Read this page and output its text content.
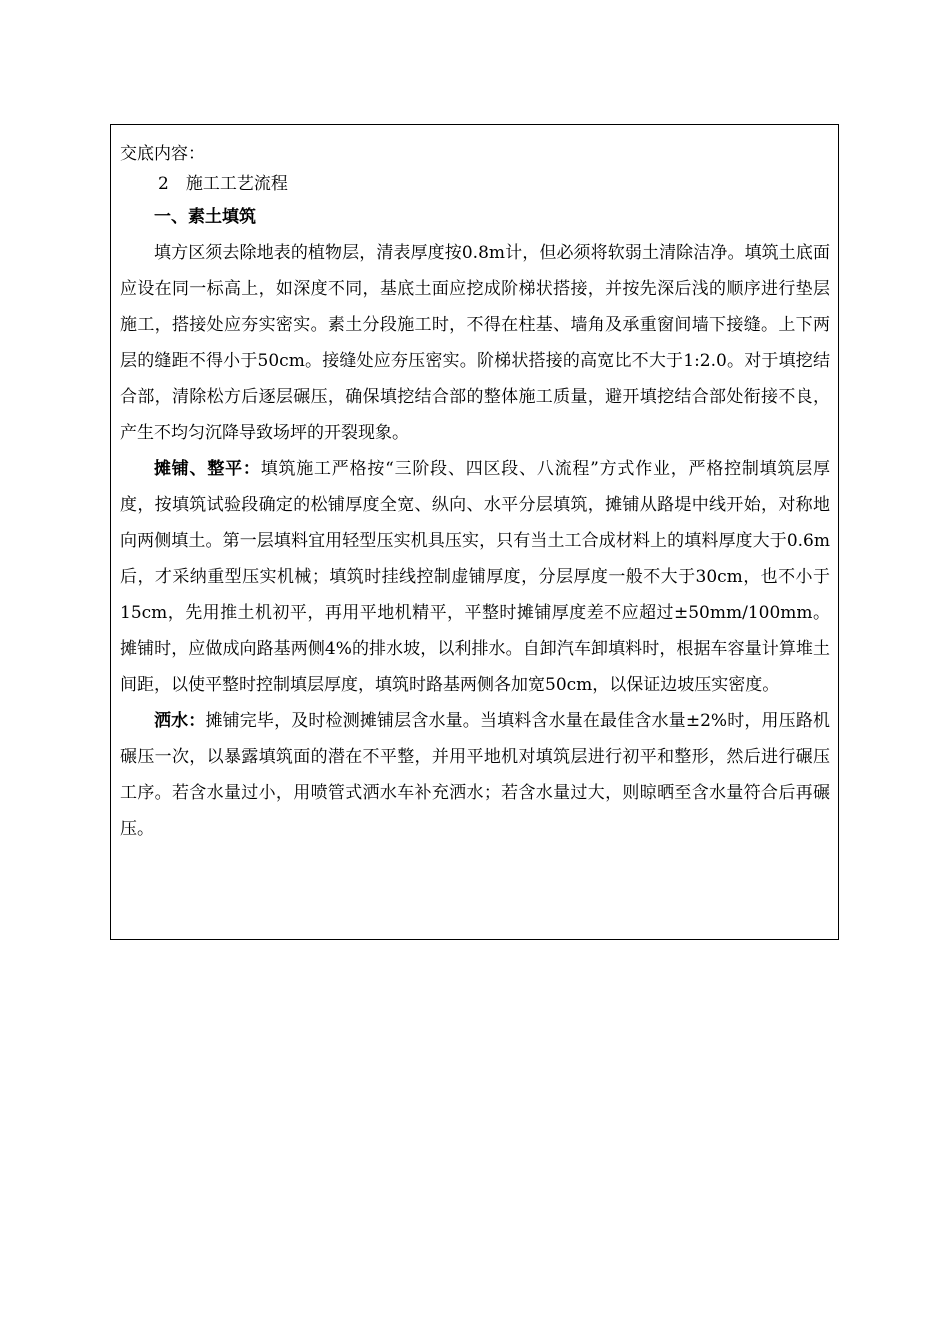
交底内容：

2　施工工艺流程

一、素土填筑

填方区须去除地表的植物层，清表厚度按0.8m计，但必须将软弱土清除洁净。填筑土底面应设在同一标高上，如深度不同，基底土面应挖成阶梯状搭接，并按先深后浅的顺序进行垫层施工，搭接处应夯实密实。素土分段施工时，不得在柱基、墙角及承重窗间墙下接缝。上下两层的缝距不得小于50cm。接缝处应夯压密实。阶梯状搭接的高宽比不大于1:2.0。对于填挖结合部，清除松方后逐层碾压，确保填挖结合部的整体施工质量，避开填挖结合部处衔接不良，产生不均匀沉降导致场坪的开裂现象。

摊铺、整平：填筑施工严格按“三阶段、四区段、八流程”方式作业，严格控制填筑层厚度，按填筑试验段确定的松铺厚度全宽、纵向、水平分层填筑，摊铺从路堤中线开始，对称地向两侧填土。第一层填料宜用轻型压实机具压实，只有当土工合成材料上的填料厚度大于0.6m后，才采纳重型压实机械；填筑时挂线控制虚铺厚度，分层厚度一般不大于30cm，也不小于15cm，先用推土机初平，再用平地机精平，平整时摊铺厚度差不应超过±50mm/100mm。摊铺时，应做成向路基两侧4%的排水坡，以利排水。自卸汽车卸填料时，根据车容量计算堆土间距，以使平整时控制填层厚度，填筑时路基两侧各加宽50cm，以保证边坡压实密度。

洒水：摊铺完毕，及时检测摊铺层含水量。当填料含水量在最佳含水量±2%时，用压路机碾压一次，以暴露填筑面的潜在不平整，并用平地机对填筑层进行初平和整形，然后进行碾压工序。若含水量过小，用喷管式洒水车补充洒水；若含水量过大，则晾晒至含水量符合后再碾压。
